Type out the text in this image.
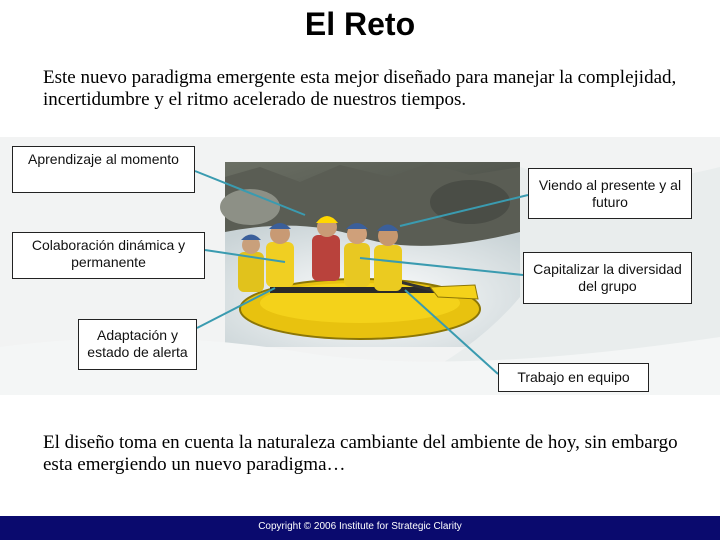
El Reto
Este nuevo paradigma emergente esta mejor diseñado para manejar la complejidad, incertidumbre y el ritmo acelerado de nuestros tiempos.
Aprendizaje al momento
Colaboración dinámica y permanente
Adaptación y estado de alerta
Viendo al presente y al futuro
Capitalizar la diversidad del grupo
Trabajo en equipo
El diseño toma en cuenta la naturaleza cambiante del ambiente de hoy, sin embargo esta emergiendo un nuevo paradigma…
Copyright © 2006 Institute for Strategic Clarity
